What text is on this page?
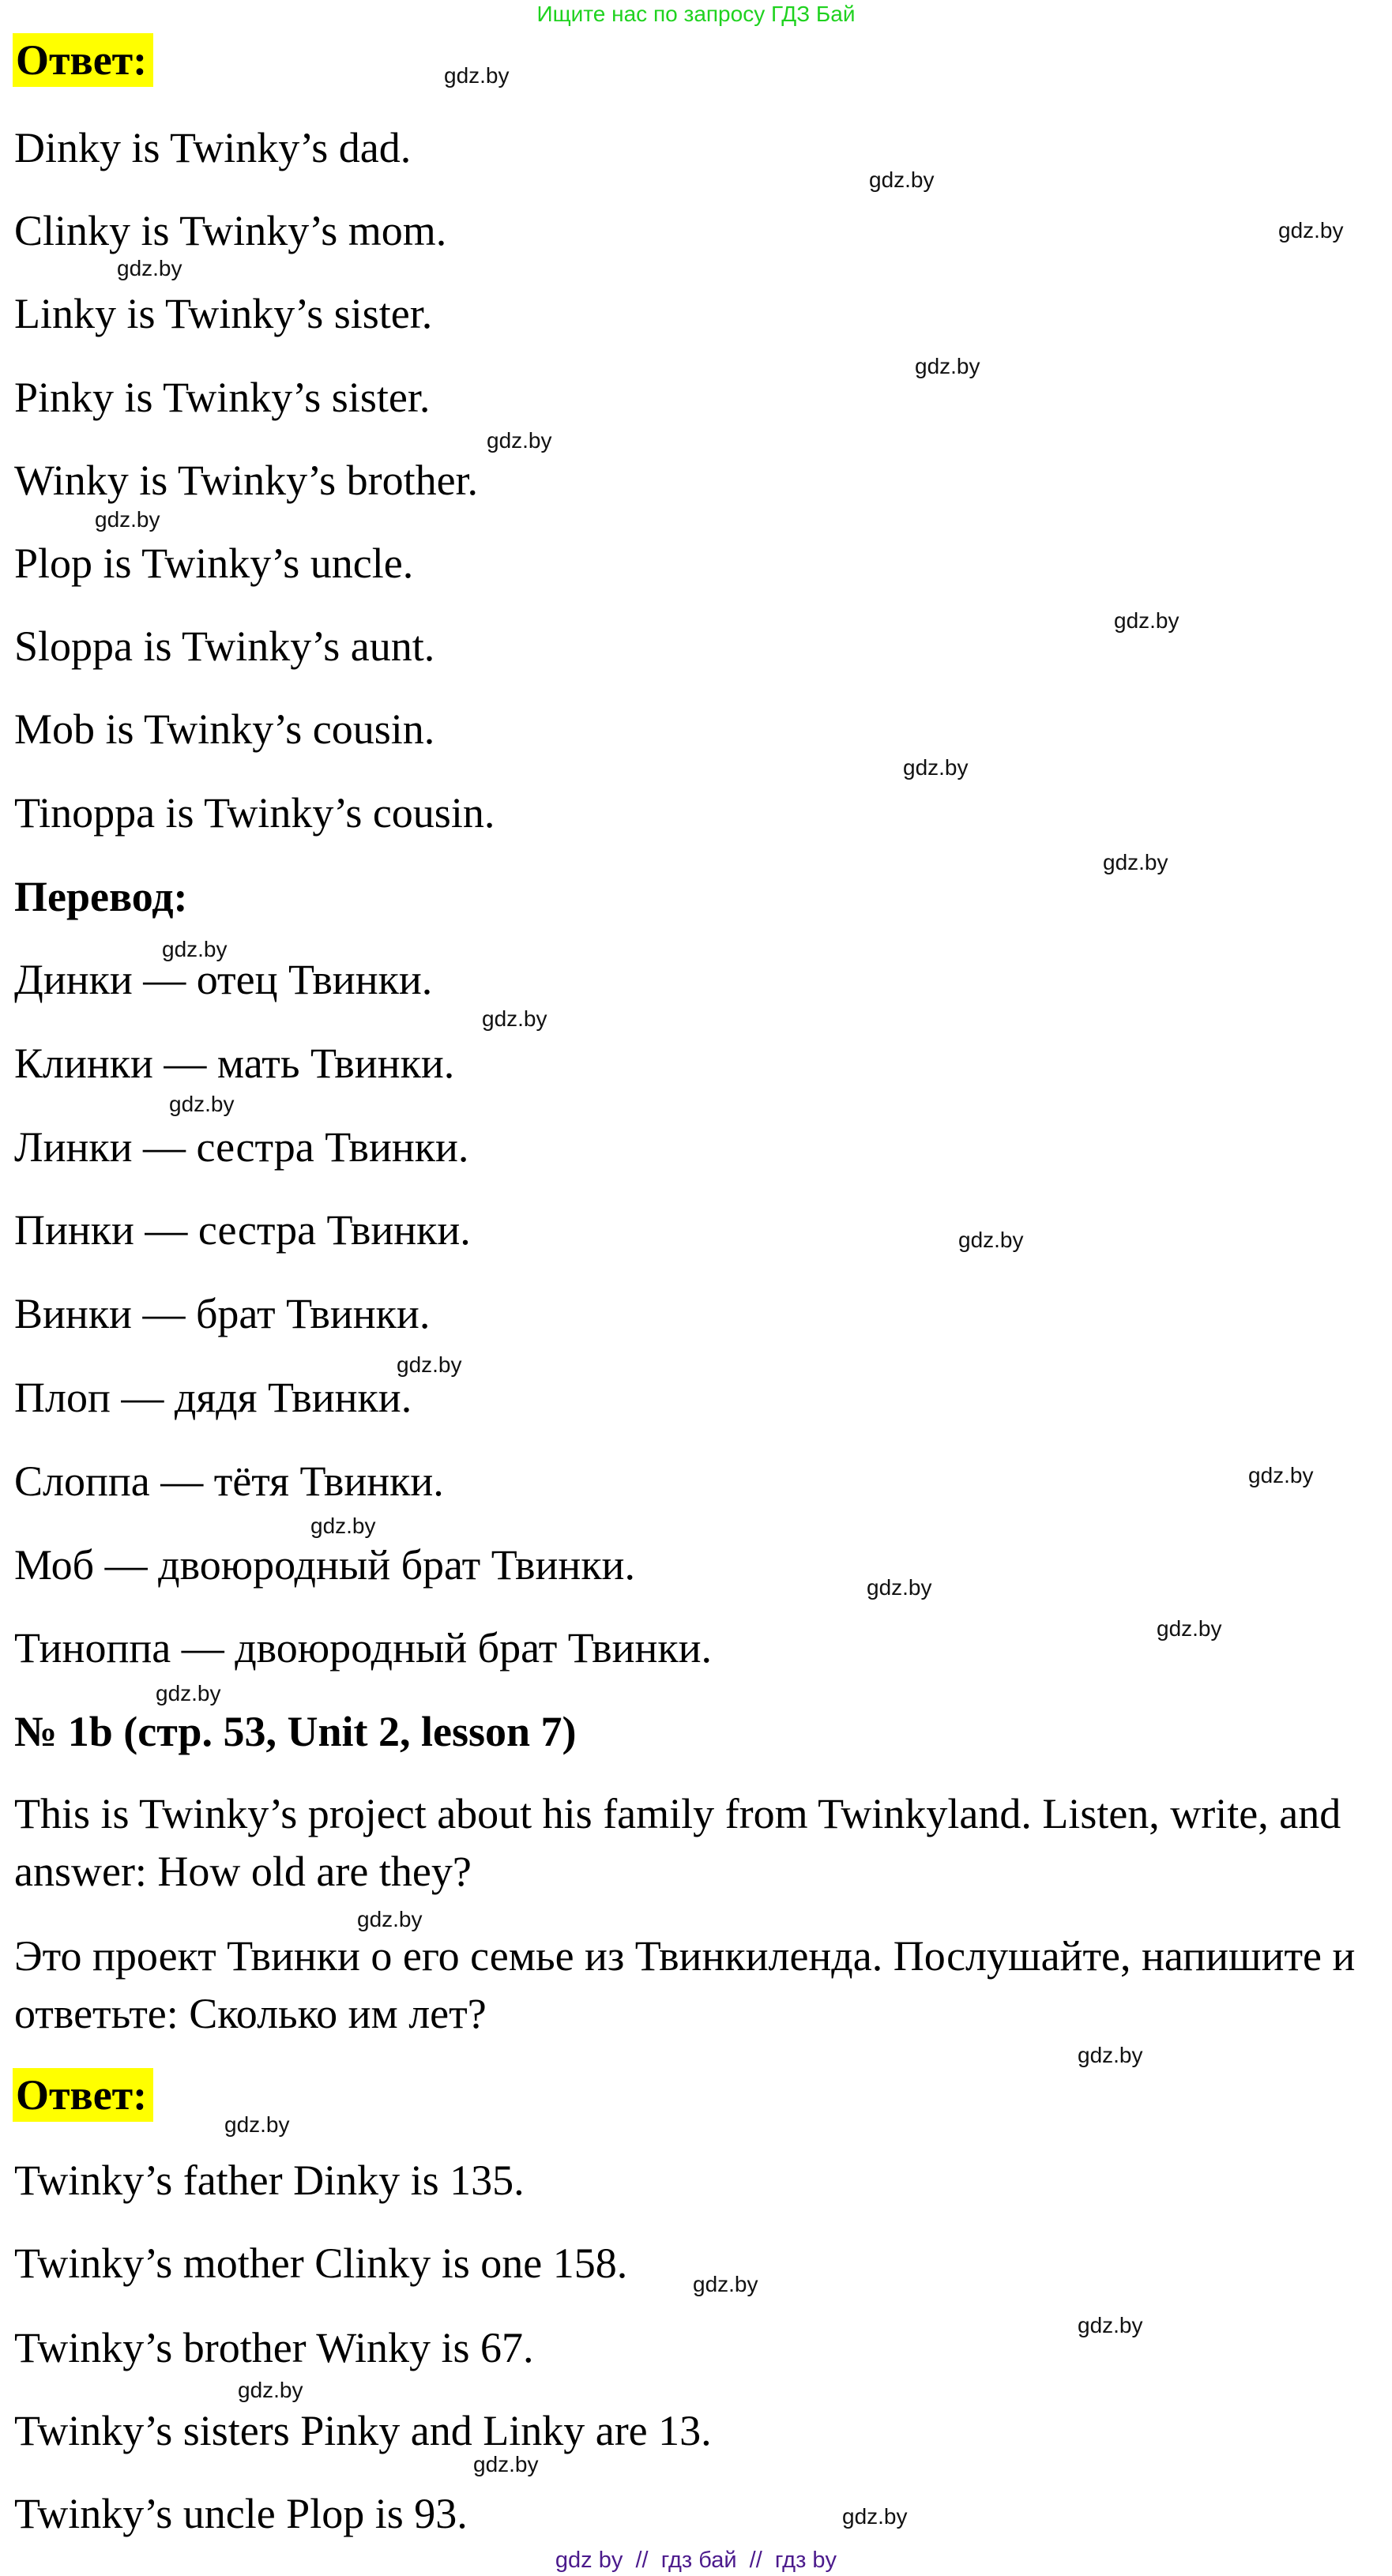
Ищите нас по запросу ГДЗ Бай
Ответ:
Dinky is Twinky’s dad.
Clinky is Twinky’s mom.
Linky is Twinky’s sister.
Pinky is Twinky’s sister.
Winky is Twinky’s brother.
Plop is Twinky’s uncle.
Sloppa is Twinky’s aunt.
Mob is Twinky’s cousin.
Tinoppa is Twinky’s cousin.
Перевод:
Динки — отец Твинки.
Клинки — мать Твинки.
Линки — сестра Твинки.
Пинки — сестра Твинки.
Винки — брат Твинки.
Плоп — дядя Твинки.
Слоппа — тётя Твинки.
Моб — двоюродный брат Твинки.
Тиноппа — двоюродный брат Твинки.
№ 1b (стр. 53, Unit 2, lesson 7)
This is Twinky’s project about his family from Twinkyland. Listen, write, and answer: How old are they?
Это проект Твинки о его семье из Твинкиленда. Послушайте, напишите и ответьте: Сколько им лет?
Ответ:
Twinky’s father Dinky is 135.
Twinky’s mother Clinky is one 158.
Twinky’s brother Winky is 67.
Twinky’s sisters Pinky and Linky are 13.
Twinky’s uncle Plop is 93.
gdz.by
gdz.by
gdz.by
gdz.by
gdz.by
gdz.by
gdz.by
gdz.by
gdz.by
gdz.by
gdz.by
gdz.by
gdz.by
gdz.by
gdz.by
gdz.by
gdz.by
gdz.by
gdz.by
gdz.by
gdz.by
gdz.by
gdz.by
gdz.by
gdz.by
gdz.by
gdz.by
gdz.by
gdz by  //  гдз бай  //  гдз by
